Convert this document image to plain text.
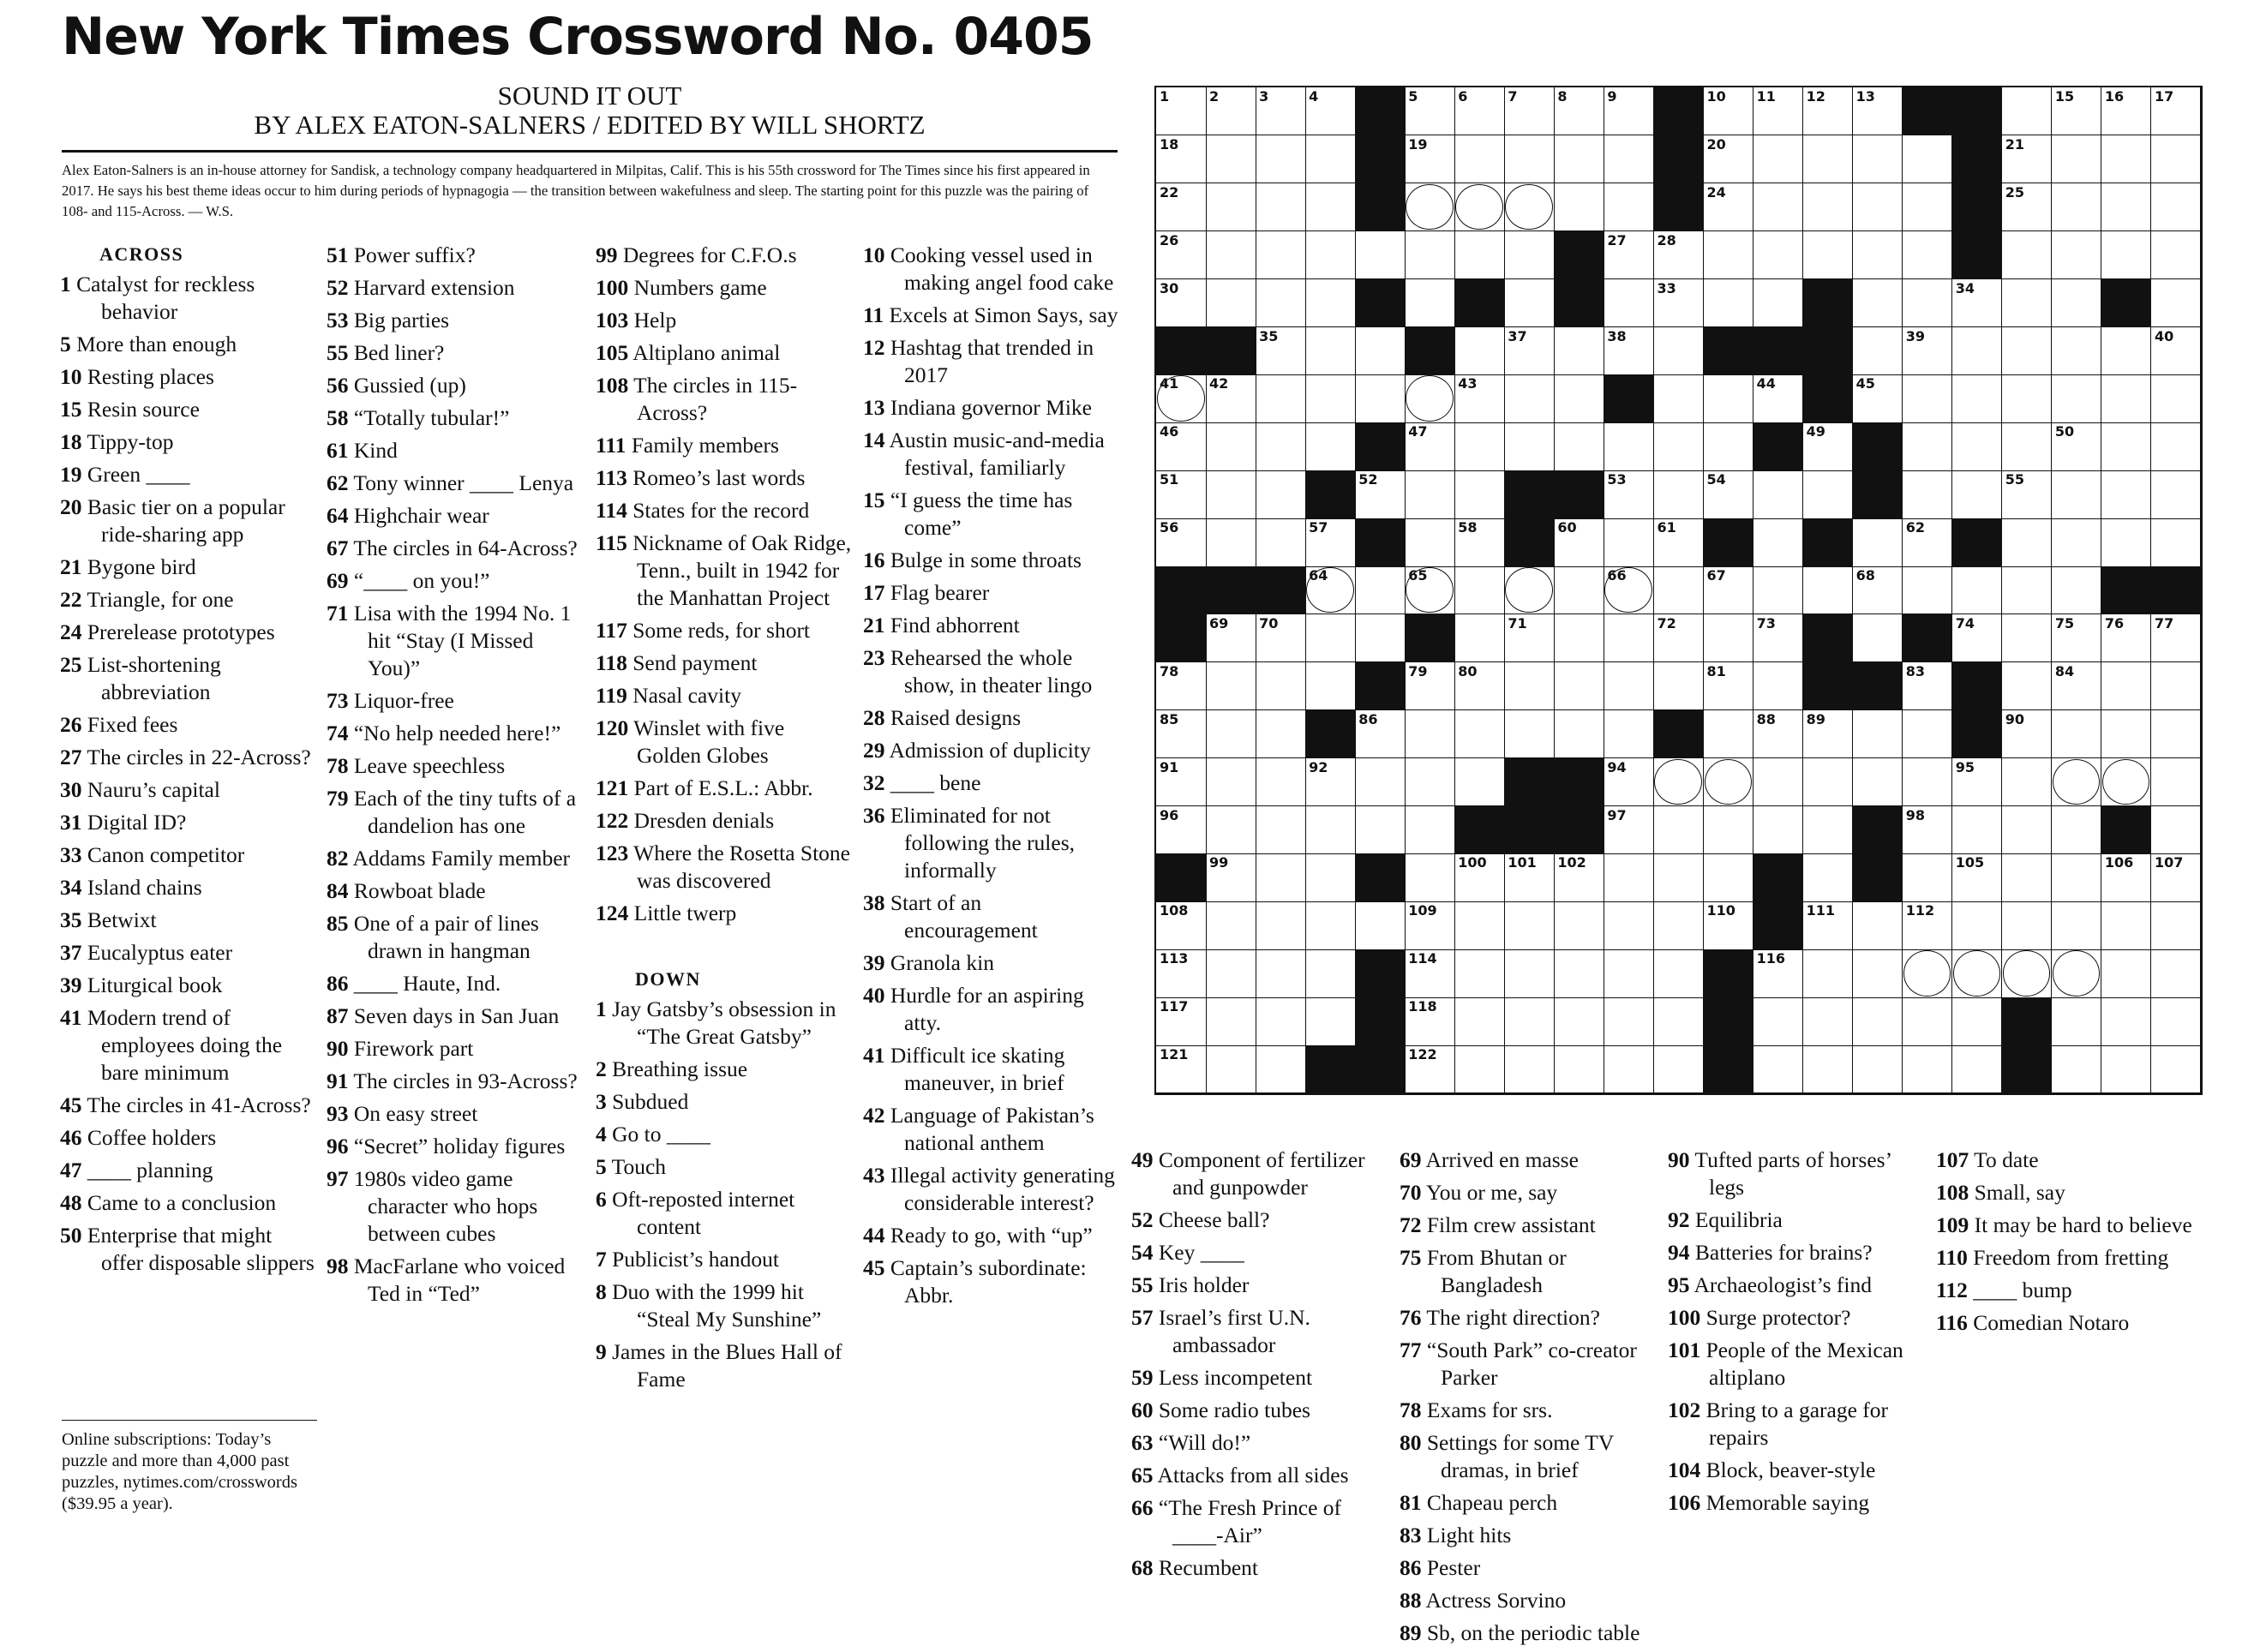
New York Times Crossword No. 0405
SOUND IT OUT
BY ALEX EATON-SALNERS / EDITED BY WILL SHORTZ
Alex Eaton-Salners is an in-house attorney for Sandisk, a technology company headquartered in Milpitas, Calif. This is his 55th crossword for The Times since his first appeared in 2017. He says his best theme ideas occur to him during periods of hypnagogia — the transition between wakefulness and sleep. The starting point for this puzzle was the pairing of 108- and 115-Across. — W.S.
ACROSS
1 Catalyst for reckless behavior
5 More than enough
10 Resting places
15 Resin source
18 Tippy-top
19 Green ____
20 Basic tier on a popular ride-sharing app
21 Bygone bird
22 Triangle, for one
24 Prerelease prototypes
25 List-shortening abbreviation
26 Fixed fees
27 The circles in 22-Across?
30 Nauru’s capital
31 Digital ID?
33 Canon competitor
34 Island chains
35 Betwixt
37 Eucalyptus eater
39 Liturgical book
41 Modern trend of employees doing the bare minimum
45 The circles in 41-Across?
46 Coffee holders
47 ____ planning
48 Came to a conclusion
50 Enterprise that might offer disposable slippers
51 Power suffix?
52 Harvard extension
53 Big parties
55 Bed liner?
56 Gussied (up)
58 “Totally tubular!”
61 Kind
62 Tony winner ____ Lenya
64 Highchair wear
67 The circles in 64-Across?
69 “____ on you!”
71 Lisa with the 1994 No. 1 hit “Stay (I Missed You)”
73 Liquor-free
74 “No help needed here!”
78 Leave speechless
79 Each of the tiny tufts of a dandelion has one
82 Addams Family member
84 Rowboat blade
85 One of a pair of lines drawn in hangman
86 ____ Haute, Ind.
87 Seven days in San Juan
90 Firework part
91 The circles in 93-Across?
93 On easy street
96 “Secret” holiday figures
97 1980s video game character who hops between cubes
98 MacFarlane who voiced Ted in “Ted”
99 Degrees for C.F.O.s
100 Numbers game
103 Help
105 Altiplano animal
108 The circles in 115-Across?
111 Family members
113 Romeo’s last words
114 States for the record
115 Nickname of Oak Ridge, Tenn., built in 1942 for the Manhattan Project
117 Some reds, for short
118 Send payment
119 Nasal cavity
120 Winslet with five Golden Globes
121 Part of E.S.L.: Abbr.
122 Dresden denials
123 Where the Rosetta Stone was discovered
124 Little twerp
DOWN
1 Jay Gatsby’s obsession in “The Great Gatsby”
2 Breathing issue
3 Subdued
4 Go to ____
5 Touch
6 Oft-reposted internet content
7 Publicist’s handout
8 Duo with the 1999 hit “Steal My Sunshine”
9 James in the Blues Hall of Fame
10 Cooking vessel used in making angel food cake
11 Excels at Simon Says, say
12 Hashtag that trended in 2017
13 Indiana governor Mike
14 Austin music-and-media festival, familiarly
15 “I guess the time has come”
16 Bulge in some throats
17 Flag bearer
21 Find abhorrent
23 Rehearsed the whole show, in theater lingo
28 Raised designs
29 Admission of duplicity
32 ____ bene
36 Eliminated for not following the rules, informally
38 Start of an encouragement
39 Granola kin
40 Hurdle for an aspiring atty.
41 Difficult ice skating maneuver, in brief
42 Language of Pakistan’s national anthem
43 Illegal activity generating considerable interest?
44 Ready to go, with “up”
45 Captain’s subordinate: Abbr.
49 Component of fertilizer and gunpowder
52 Cheese ball?
54 Key ____
55 Iris holder
57 Israel’s first U.N. ambassador
59 Less incompetent
60 Some radio tubes
63 “Will do!”
65 Attacks from all sides
66 “The Fresh Prince of ____-Air”
68 Recumbent
69 Arrived en masse
70 You or me, say
72 Film crew assistant
75 From Bhutan or Bangladesh
76 The right direction?
77 “South Park” co-creator Parker
78 Exams for srs.
80 Settings for some TV dramas, in brief
81 Chapeau perch
83 Light hits
86 Pester
88 Actress Sorvino
89 Sb, on the periodic table
90 Tufted parts of horses’ legs
92 Equilibria
94 Batteries for brains?
95 Archaeologist’s find
100 Surge protector?
101 People of the Mexican altiplano
102 Bring to a garage for repairs
104 Block, beaver-style
106 Memorable saying
107 To date
108 Small, say
109 It may be hard to believe
110 Freedom from fretting
112 ____ bump
116 Comedian Notaro
Online subscriptions: Today’s puzzle and more than 4,000 past puzzles, nytimes.com/crosswords ($39.95 a year).
1	2	3	4	5	6	7	8	9	10 11 12 13	15 16 17
18	19	20	21
22	24	25
26	27 28
30	33	34
35	37	38	39	40
41 42	43	44	45
46	47	49	50
51	52	53	54	55
56	57	58	60	61	62
64	65	66	67	68
69 70	71	72	73	74	75 76 77
78	79 80	81	83	84
85	86	88 89	90
91	92	94	95
96	97	98
99	100 101 102	105	106 107
108	109	110	111	112
113	114	116
117	118
121	122
